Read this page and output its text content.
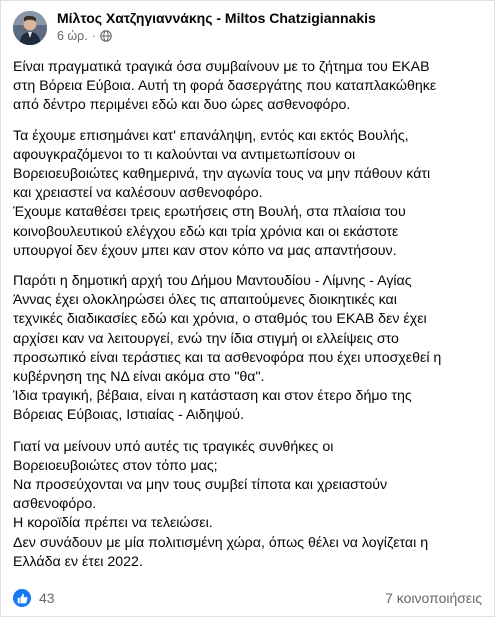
Μίλτος Χατζηγιαννάκης - Miltos Chatzigiannakis
6 ώρ. ·

Είναι πραγματικά τραγικά όσα συμβαίνουν με το ζήτημα του ΕΚΑΒ
στη Βόρεια Εύβοια. Αυτή τη φορά δασεργάτης που καταπλακώθηκε
από δέντρο περιμένει εδώ και δυο ώρες ασθενοφόρο.

Τα έχουμε επισημάνει κατ' επανάληψη, εντός και εκτός Βουλής,
αφουγκραζόμενοι το τι καλούνται να αντιμετωπίσουν οι
Βορειοευβοιώτες καθημερινά, την αγωνία τους να μην πάθουν κάτι
και χρειαστεί να καλέσουν ασθενοφόρο.
Έχουμε καταθέσει τρεις ερωτήσεις στη Βουλή, στα πλαίσια του
κοινοβουλευτικού ελέγχου εδώ και τρία χρόνια και οι εκάστοτε
υπουργοί δεν έχουν μπει καν στον κόπο να μας απαντήσουν.

Παρότι η δημοτική αρχή του Δήμου Μαντουδίου - Λίμνης - Αγίας
Άννας έχει ολοκληρώσει όλες τις απαιτούμενες διοικητικές και
τεχνικές διαδικασίες εδώ και χρόνια, ο σταθμός του ΕΚΑΒ δεν έχει
αρχίσει καν να λειτουργεί, ενώ την ίδια στιγμή οι ελλείψεις στο
προσωπικό είναι τεράστιες και τα ασθενοφόρα που έχει υποσχεθεί η
κυβέρνηση της ΝΔ είναι ακόμα στο "θα".
Ίδια τραγική, βέβαια, είναι η κατάσταση και στον έτερο δήμο της
Βόρειας Εύβοιας, Ιστιαίας - Αιδηψού.

Γιατί να μείνουν υπό αυτές τις τραγικές συνθήκες οι
Βορειοευβοιώτες στον τόπο μας;
Να προσεύχονται να μην τους συμβεί τίποτα και χρειαστούν
ασθενοφόρο.
Η κοροϊδία πρέπει να τελειώσει.
Δεν συνάδουν με μία πολιτισμένη χώρα, όπως θέλει να λογίζεται η
Ελλάδα εν έτει 2022.

43	7 κοινοποιήσεις
